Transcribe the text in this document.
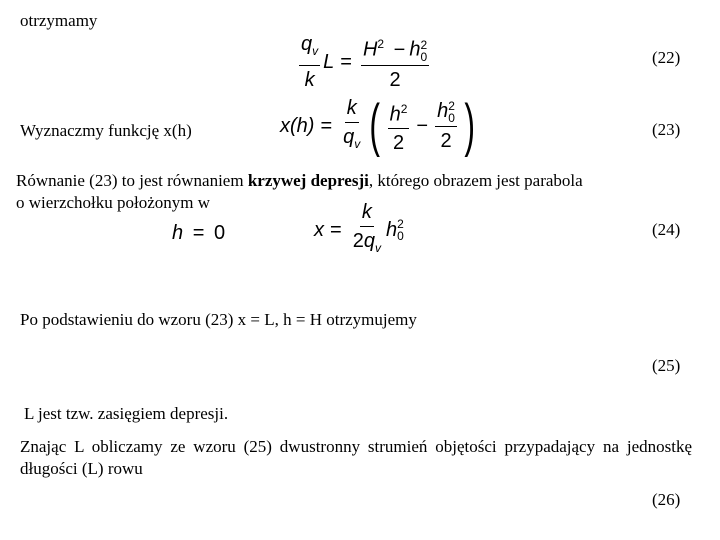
otrzymamy
$\frac{q_v}{k}$ $L = H^2 - h$ 2
0
2	(22)
Wyznaczmy funkcję x(h)	$x(h) = \frac{k}{q_v}$ ( $\frac{h^2}{2} - h$ 2
0
2 )	(23)
Równanie (23) to jest równaniem krzywej depresji, którego obrazem jest parabola
o wierzchołku położonym w
h = 0	$x = \frac{k}{2q_v}$ h 2
0	(24)
Po podstawieniu do wzoru (23) x = L, h = H otrzymujemy
(25)
L jest tzw. zasięgiem depresji.
Znając L obliczamy ze wzoru (25) dwustronny strumień objętości przypadający na jednostkę długości (L) rowu
(26)
